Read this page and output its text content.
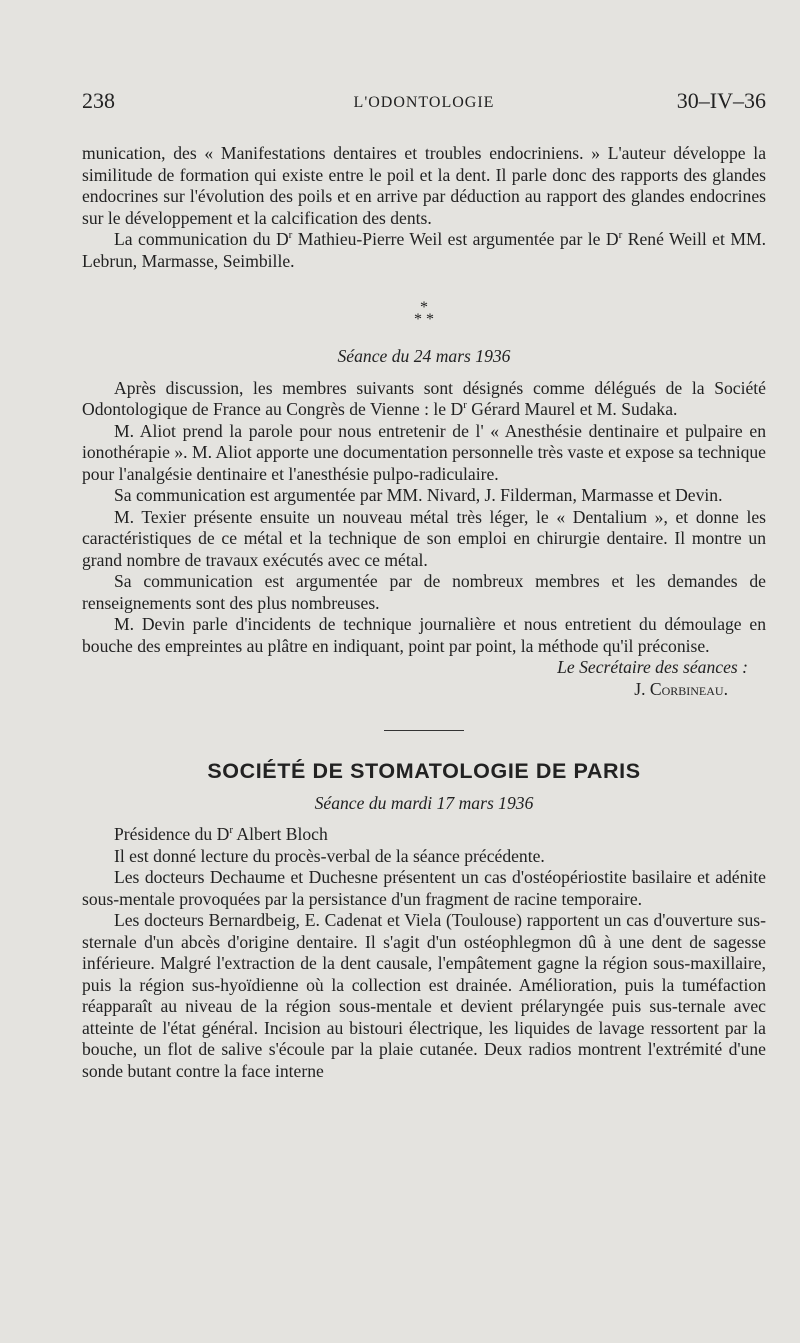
238	L'ODONTOLOGIE	30–IV–36

munication, des « Manifestations dentaires et troubles endocriniens. » L'auteur développe la similitude de formation qui existe entre le poil et la dent. Il parle donc des rapports des glandes endocrines sur l'évolution des poils et en arrive par déduction au rapport des glandes endocrines sur le développement et la calcification des dents.

La communication du $D^r$ Mathieu-Pierre Weil est argumentée par le $D^r$ René Weill et MM. Lebrun, Marmasse, Seimbille.

*
* *
Séance du 24 mars 1936

Après discussion, les membres suivants sont désignés comme délégués de la Société Odontologique de France au Congrès de Vienne : le $D^r$ Gérard Maurel et M. Sudaka.

M. Aliot prend la parole pour nous entretenir de l' « Anesthésie dentinaire et pulpaire en ionothérapie ». M. Aliot apporte une documentation personnelle très vaste et expose sa technique pour l'analgésie dentinaire et l'anesthésie pulpo-radiculaire.

Sa communication est argumentée par MM. Nivard, J. Filderman, Marmasse et Devin.

M. Texier présente ensuite un nouveau métal très léger, le « Dentalium », et donne les caractéristiques de ce métal et la technique de son emploi en chirurgie dentaire. Il montre un grand nombre de travaux exécutés avec ce métal.

Sa communication est argumentée par de nombreux membres et les demandes de renseignements sont des plus nombreuses.

M. Devin parle d'incidents de technique journalière et nous entretient du démoulage en bouche des empreintes au plâtre en indiquant, point par point, la méthode qu'il préconise.

Le Secrétaire des séances :
J. Corbineau.
SOCIÉTÉ DE STOMATOLOGIE DE PARIS
Séance du mardi 17 mars 1936

Présidence du $D^r$ Albert Bloch

Il est donné lecture du procès-verbal de la séance précédente.

Les docteurs Dechaume et Duchesne présentent un cas d'ostéopériostite basilaire et adénite sous-mentale provoquées par la persistance d'un fragment de racine temporaire.

Les docteurs Bernardbeig, E. Cadenat et Viela (Toulouse) rapportent un cas d'ouverture sus-sternale d'un abcès d'origine dentaire. Il s'agit d'un ostéophlegmon dû à une dent de sagesse inférieure. Malgré l'extraction de la dent causale, l'empâtement gagne la région sous-maxillaire, puis la région sus-hyoïdienne où la collection est drainée. Amélioration, puis la tuméfaction réapparaît au niveau de la région sous-mentale et devient prélaryngée puis sus-ternale avec atteinte de l'état général. Incision au bistouri électrique, les liquides de lavage ressortent par la bouche, un flot de salive s'écoule par la plaie cutanée. Deux radios montrent l'extrémité d'une sonde butant contre la face interne
